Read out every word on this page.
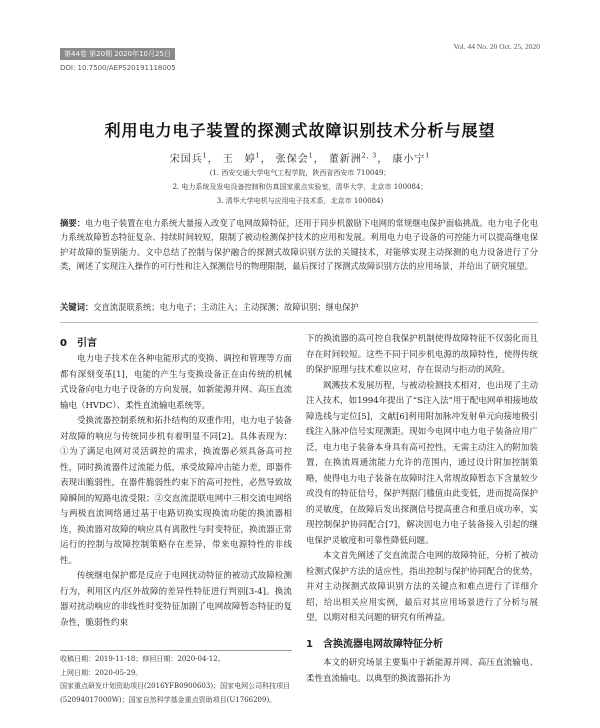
第44卷 第20期 2020年10月25日
DOI: 10.7500/AEPS20191118005
Vol. 44 No. 20 Oct. 25, 2020
利用电力电子装置的探测式故障识别技术分析与展望
宋国兵$^1$， 王　婷$^1$， 张保会$^1$， 董新洲$^{2, 3}$， 康小宁$^1$
(1. 西安交通大学电气工程学院，陕西省西安市 710049；
2. 电力系统及发电设备控制和仿真国家重点实验室，清华大学，北京市 100084；
3. 清华大学电机与应用电子技术系，北京市 100084)
摘要：电力电子装置在电力系统大量接入改变了电网故障特征，还用于同步机激励下电网的常规继电保护面临挑战。电力电子化电力系统故障暂态特征复杂、持续时间较短，限制了被动检测保护技术的应用和发展。利用电力电子设备的可控能力可以提高继电保护对故障的鉴别能力。文中总结了控制与保护融合的探测式故障识别方法的关键技术，对能够实现主动探测的电力设备进行了分类，阐述了实现注入操作的可行性和注入探测信号的物理限制，最后探讨了探测式故障识别方法的应用场景，并给出了研究展望。
关键词：交直流混联系统；电力电子；主动注入；主动探测；故障识别；继电保护
0　引言

电力电子技术在各种电能形式的变换、调控和管理等方面都有深刻变革[1]，电能的产生与变换设备正在由传统的机械式设备向电力电子设备的方向发展，如新能源并网、高压直流输电（HVDC）、柔性直流输电系统等。

受换流器控制系统和拓扑结构的双重作用，电力电子装备对故障的响应与传统同步机有着明显不同[2]。具体表现为：①为了满足电网对灵活调控的需求，换流器必须具备高可控性，同时换流器件过流能力低，承受故障冲击能力差，即器件表现出脆弱性，在器件脆弱性约束下的高可控性，必然导致故障瞬间的短路电流受限；②交直流混联电网中三相交流电网络与两极直流网络通过基于电路切换实现换流功能的换流器相连，换流器对故障的响应具有离散性与时变特征，换流器正常运行的控制与故障控制策略存在差异，带来电源特性的非线性。

传统继电保护都是反应于电网扰动特征的被动式故障检测行为，利用区内/区外故障的差异性特征进行判别[3-4]。换流器对扰动响应的非线性时变特征加剧了电网故障暂态特征的复杂性，脆弱性约束

收稿日期：2019-11-18；修回日期：2020-04-12。
上网日期：2020-05-29。
国家重点研发计划资助项目(2016YFB0900603)；国家电网公司科技项目(52094017000W)；国家自然科学基金重点资助项目(U1766209)。

下的换流器的高可控自我保护机制使得故障特征不仅弱化而且存在时间较短。这些不同于同步机电源的故障特性，使得传统的保护原理与技术难以应对，存在误动与拒动的风险。

飒溅技术发展历程，与被动检测技术相对，也出现了主动注入技术，如1994年提出了“S注入法”用于配电网单相接地故障选线与定位[5]，文献[6]利用附加脉冲发射单元向接地极引线注入脉冲信号实现测距。现如今电网中电力电子装备应用广泛，电力电子装备本身具有高可控性，无需主动注入的附加装置，在换流周通流能力允许的范围内，通过设计附加控制策略，使得电力电子装备在故障时注入常规故障暂态下含量较少或没有的特征信号，保护判据门槛值由此变低，进而提高保护的灵敏度，在故障后发出探测信号提高重合和重启成功率，实现控制保护协同配合[7]，解决因电力电子装备接入引起的继电保护灵敏度和可靠性降低问题。

本文首先阐述了交直流混合电网的故障特征，分析了被动检测式保护方法的适应性，指出控制与保护协同配合的优势，并对主动探测式故障识别方法的关键点和难点进行了详细介绍，给出相关应用实例，最后对其应用场景进行了分析与展望，以期对相关问题的研究有所裨益。

1　含换流器电网故障特征分析

本文的研究场景主要集中于新能源并网、高压直流输电、柔性直流输电。以典型的换流器拓扑为
